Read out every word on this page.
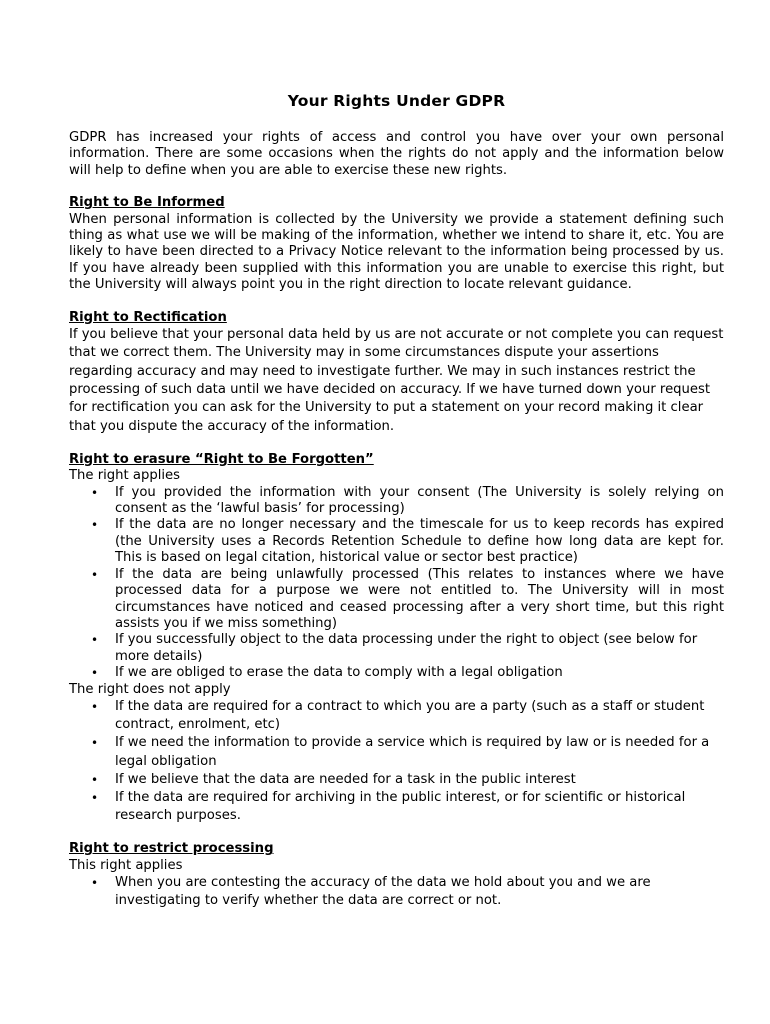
Your Rights Under GDPR

GDPR has increased your rights of access and control you have over your own personal information. There are some occasions when the rights do not apply and the information below will help to define when you are able to exercise these new rights.

Right to Be Informed

When personal information is collected by the University we provide a statement defining such thing as what use we will be making of the information, whether we intend to share it, etc. You are likely to have been directed to a Privacy Notice relevant to the information being processed by us. If you have already been supplied with this information you are unable to exercise this right, but the University will always point you in the right direction to locate relevant guidance.

Right to Rectification

If you believe that your personal data held by us are not accurate or not complete you can request that we correct them. The University may in some circumstances dispute your assertions regarding accuracy and may need to investigate further. We may in such instances restrict the processing of such data until we have decided on accuracy. If we have turned down your request for rectification you can ask for the University to put a statement on your record making it clear that you dispute the accuracy of the information.

Right to erasure “Right to Be Forgotten”
The right applies
• If you provided the information with your consent (The University is solely relying on consent as the ‘lawful basis’ for processing)
• If the data are no longer necessary and the timescale for us to keep records has expired (the University uses a Records Retention Schedule to define how long data are kept for. This is based on legal citation, historical value or sector best practice)
• If the data are being unlawfully processed (This relates to instances where we have processed data for a purpose we were not entitled to. The University will in most circumstances have noticed and ceased processing after a very short time, but this right assists you if we miss something)
• If you successfully object to the data processing under the right to object (see below for more details)
• If we are obliged to erase the data to comply with a legal obligation
The right does not apply
• If the data are required for a contract to which you are a party (such as a staff or student contract, enrolment, etc)
• If we need the information to provide a service which is required by law or is needed for a legal obligation
• If we believe that the data are needed for a task in the public interest
• If the data are required for archiving in the public interest, or for scientific or historical research purposes.
Right to restrict processing
This right applies
• When you are contesting the accuracy of the data we hold about you and we are investigating to verify whether the data are correct or not.
